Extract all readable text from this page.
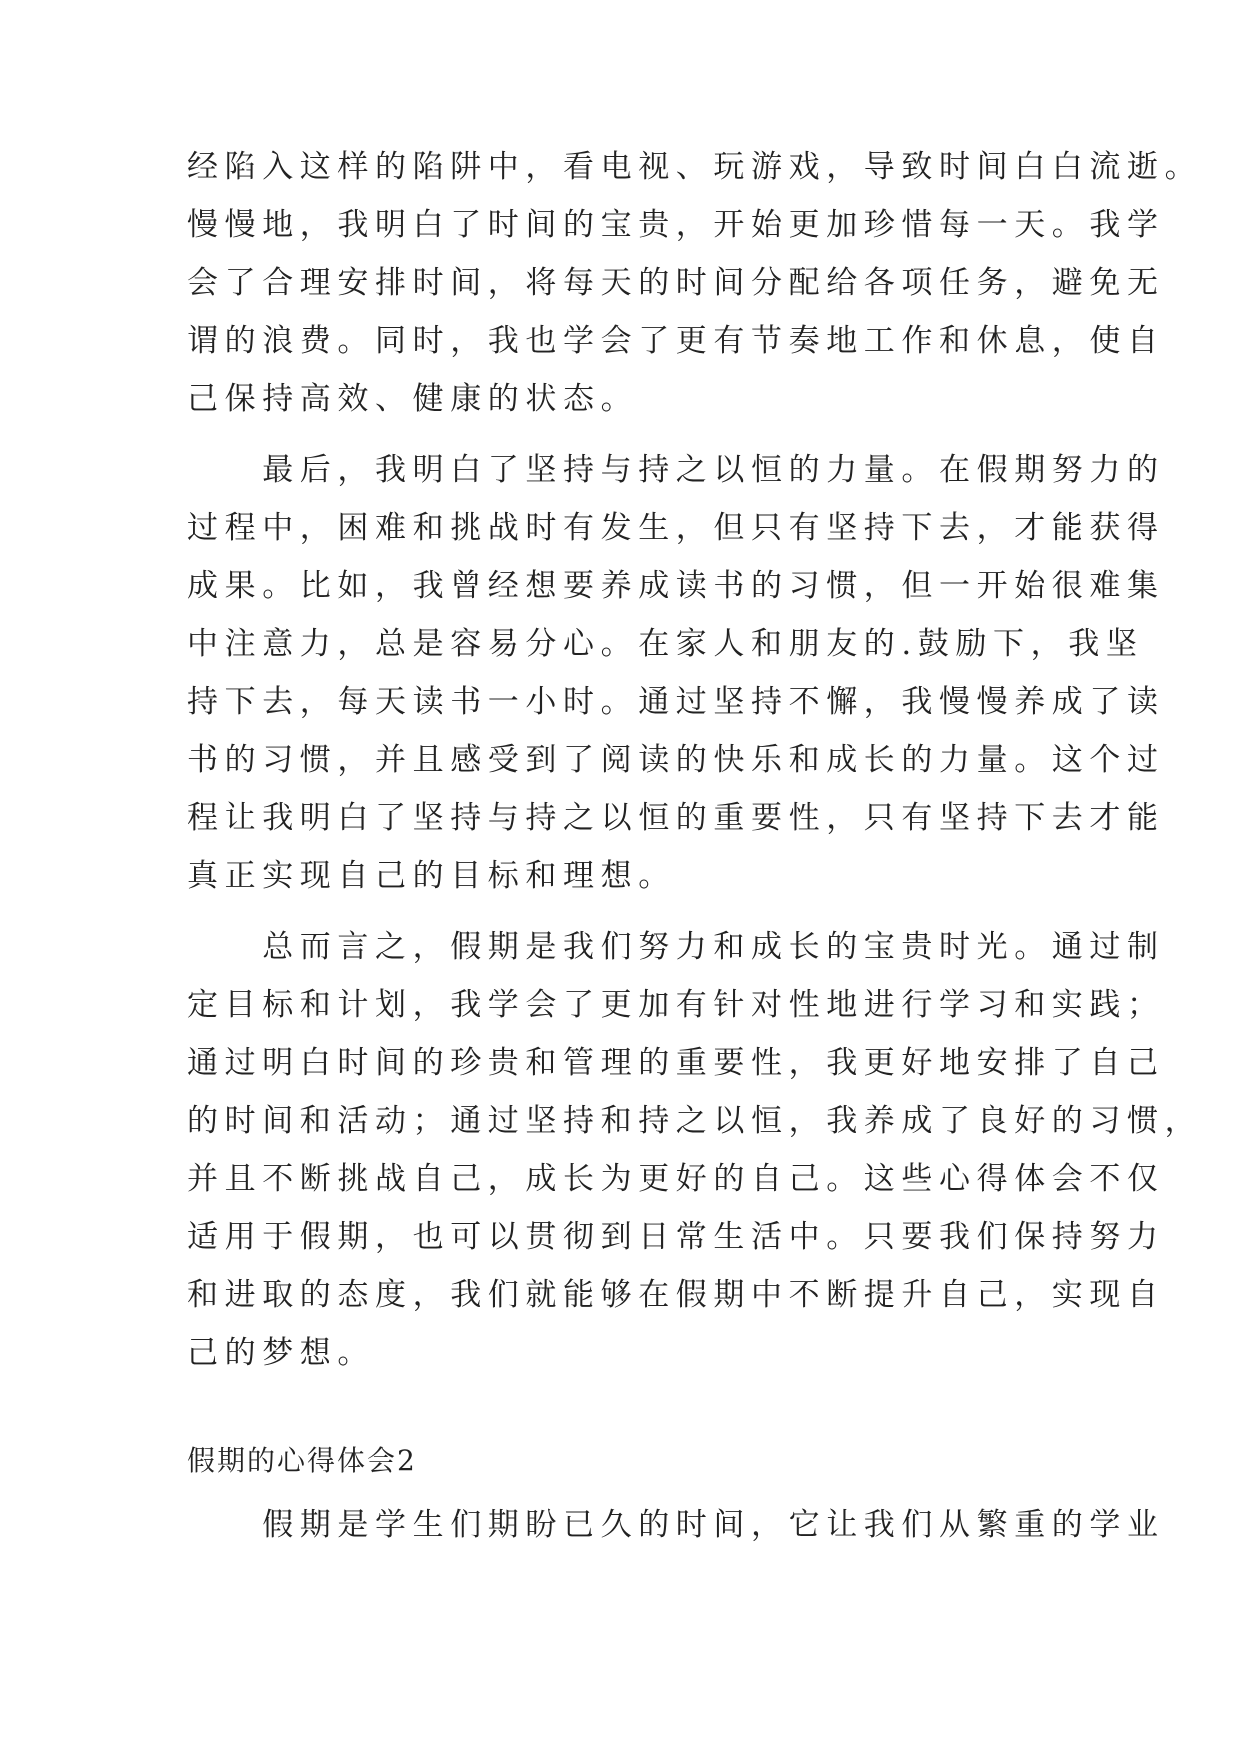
经陷入这样的陷阱中，看电视、玩游戏，导致时间白白流逝。
慢慢地，我明白了时间的宝贵，开始更加珍惜每一天。我学
会了合理安排时间，将每天的时间分配给各项任务，避免无
谓的浪费。同时，我也学会了更有节奏地工作和休息，使自
己保持高效、健康的状态。
　　最后，我明白了坚持与持之以恒的力量。在假期努力的
过程中，困难和挑战时有发生，但只有坚持下去，才能获得
成果。比如，我曾经想要养成读书的习惯，但一开始很难集
中注意力，总是容易分心。在家人和朋友的.鼓励下，我坚
持下去，每天读书一小时。通过坚持不懈，我慢慢养成了读
书的习惯，并且感受到了阅读的快乐和成长的力量。这个过
程让我明白了坚持与持之以恒的重要性，只有坚持下去才能
真正实现自己的目标和理想。
　　总而言之，假期是我们努力和成长的宝贵时光。通过制
定目标和计划，我学会了更加有针对性地进行学习和实践；
通过明白时间的珍贵和管理的重要性，我更好地安排了自己
的时间和活动；通过坚持和持之以恒，我养成了良好的习惯，
并且不断挑战自己，成长为更好的自己。这些心得体会不仅
适用于假期，也可以贯彻到日常生活中。只要我们保持努力
和进取的态度，我们就能够在假期中不断提升自己，实现自
己的梦想。
假期的心得体会2
　　假期是学生们期盼已久的时间，它让我们从繁重的学业
